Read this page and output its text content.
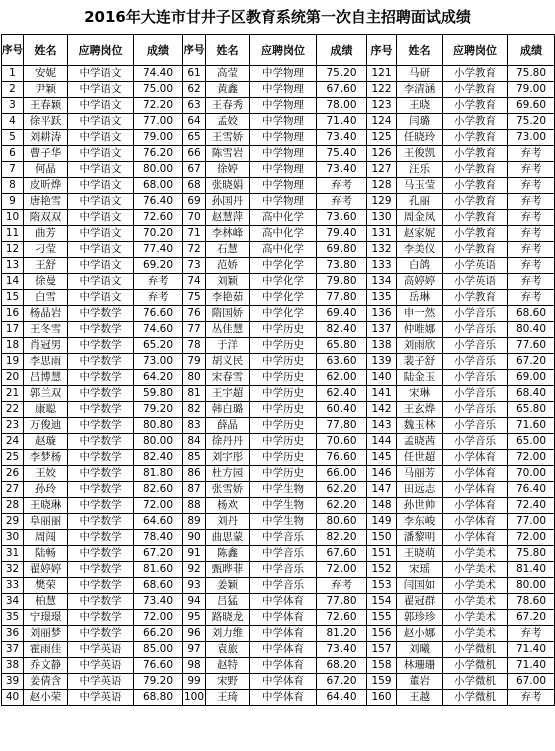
2016年大连市甘井子区教育系统第一次自主招聘面试成绩
序号	姓名	应聘岗位	成绩	序号	姓名	应聘岗位	成绩	序号	姓名	应聘岗位	成绩
1	安妮	中学语文	74.40	61	高莹	中学物理	75.20	121	马研	小学教育	75.80
2	尹颖	中学语文	75.00	62	黄鑫	中学物理	67.60	122	李清涵	小学教育	79.00
3	王春颖	中学语文	72.20	63	王春秀	中学物理	78.00	123	王晓	小学教育	69.60
4	徐平跃	中学语文	77.00	64	孟姣	中学物理	71.40	124	闫璐	小学教育	75.20
5	刘耕涛	中学语文	79.00	65	王雪娇	中学物理	73.40	125	任晓玲	小学教育	73.00
6	曹子华	中学语文	76.20	66	陈雪岩	中学物理	75.40	126	王俊凯	小学教育	弃考
7	何晶	中学语文	80.00	67	徐婷	中学物理	73.40	127	汪乐	小学教育	弃考
8	皮昕烨	中学语文	68.00	68	张晓娟	中学物理	弃考	128	马玉莹	小学教育	弃考
9	唐艳雪	中学语文	76.40	69	孙国丹	中学物理	弃考	129	孔丽	小学教育	弃考
10	隋双双	中学语文	72.60	70	赵慧萍	高中化学	73.60	130	周金凤	小学教育	弃考
11	曲芳	中学语文	70.20	71	李林峰	高中化学	79.40	131	赵家妮	小学教育	弃考
12	刁莹	中学语文	77.40	72	石慧	高中化学	69.80	132	李美仪	小学教育	弃考
13	王舒	中学语文	69.20	73	范娇	中学化学	73.80	133	白鸽	小学英语	弃考
14	徐曼	中学语文	弃考	74	刘颖	中学化学	79.80	134	高婷婷	小学英语	弃考
15	白雪	中学语文	弃考	75	李艳茹	中学化学	77.80	135	岳琳	小学教育	弃考
16	杨晶岩	中学数学	76.60	76	隋国娇	中学化学	69.40	136	申一然	小学音乐	68.60
17	王冬雪	中学数学	74.60	77	丛佳慧	中学历史	82.40	137	仲唯娜	小学音乐	80.40
18	肖冠男	中学数学	65.20	78	于洋	中学历史	65.80	138	刘雨欣	小学音乐	77.60
19	李思雨	中学数学	73.00	79	胡义民	中学历史	63.60	139	裴子舒	小学音乐	67.20
20	吕博慧	中学数学	64.20	80	宋春雪	中学历史	62.00	140	陆金玉	小学音乐	69.00
21	郭兰双	中学数学	59.80	81	王宇超	中学历史	62.40	141	宋琳	小学音乐	68.40
22	康聪	中学数学	79.20	82	韩白璐	中学历史	60.40	142	王玄烨	小学音乐	65.80
23	万俊迪	中学数学	80.80	83	薛晶	中学历史	77.80	143	魏玉林	小学音乐	71.60
24	赵璇	中学数学	80.00	84	徐丹丹	中学历史	70.60	144	孟晓茜	小学音乐	65.00
25	李梦杨	中学数学	82.40	85	刘宇彤	中学历史	76.60	145	任世超	小学体育	72.00
26	王姣	中学数学	81.80	86	杜方园	中学历史	66.00	146	马丽芳	小学体育	70.00
27	孙玲	中学数学	82.60	87	张雪娇	中学生物	62.20	147	田远志	小学体育	76.40
28	王晓琳	中学数学	72.00	88	杨欢	中学生物	62.20	148	孙世帅	小学体育	72.40
29	阜丽丽	中学数学	64.60	89	刘丹	中学生物	80.60	149	李东峻	小学体育	77.00
30	周闯	中学数学	78.40	90	曲思蒙	中学音乐	82.20	150	潘黎明	小学体育	72.00
31	陆畅	中学数学	67.20	91	陈鑫	中学音乐	67.60	151	王晓萌	小学美术	75.80
32	翟婷婷	中学数学	81.60	92	甄晔菲	中学音乐	72.00	152	宋瑶	小学美术	81.40
33	樊荣	中学数学	68.60	93	姜颖	中学音乐	弃考	153	闫国如	小学美术	80.00
34	柏慧	中学数学	73.40	94	吕猛	中学体育	77.80	154	翟冠群	小学美术	78.60
35	宁璟璟	中学数学	72.00	95	路晓龙	中学体育	72.60	155	郭珍珍	小学美术	67.20
36	刘丽梦	中学数学	66.20	96	刘力维	中学体育	81.20	156	赵小娜	小学美术	弃考
37	霍雨佳	中学英语	85.00	97	袁旅	中学体育	73.40	157	刘曦	小学微机	71.40
38	乔文静	中学英语	76.60	98	赵特	中学体育	68.20	158	林珊珊	小学微机	71.40
39	姜倩含	中学英语	79.20	99	宋野	中学体育	67.20	159	董岩	小学微机	67.00
40	赵小荣	中学英语	68.80	100	王琦	中学体育	64.40	160	王越	小学微机	弃考
